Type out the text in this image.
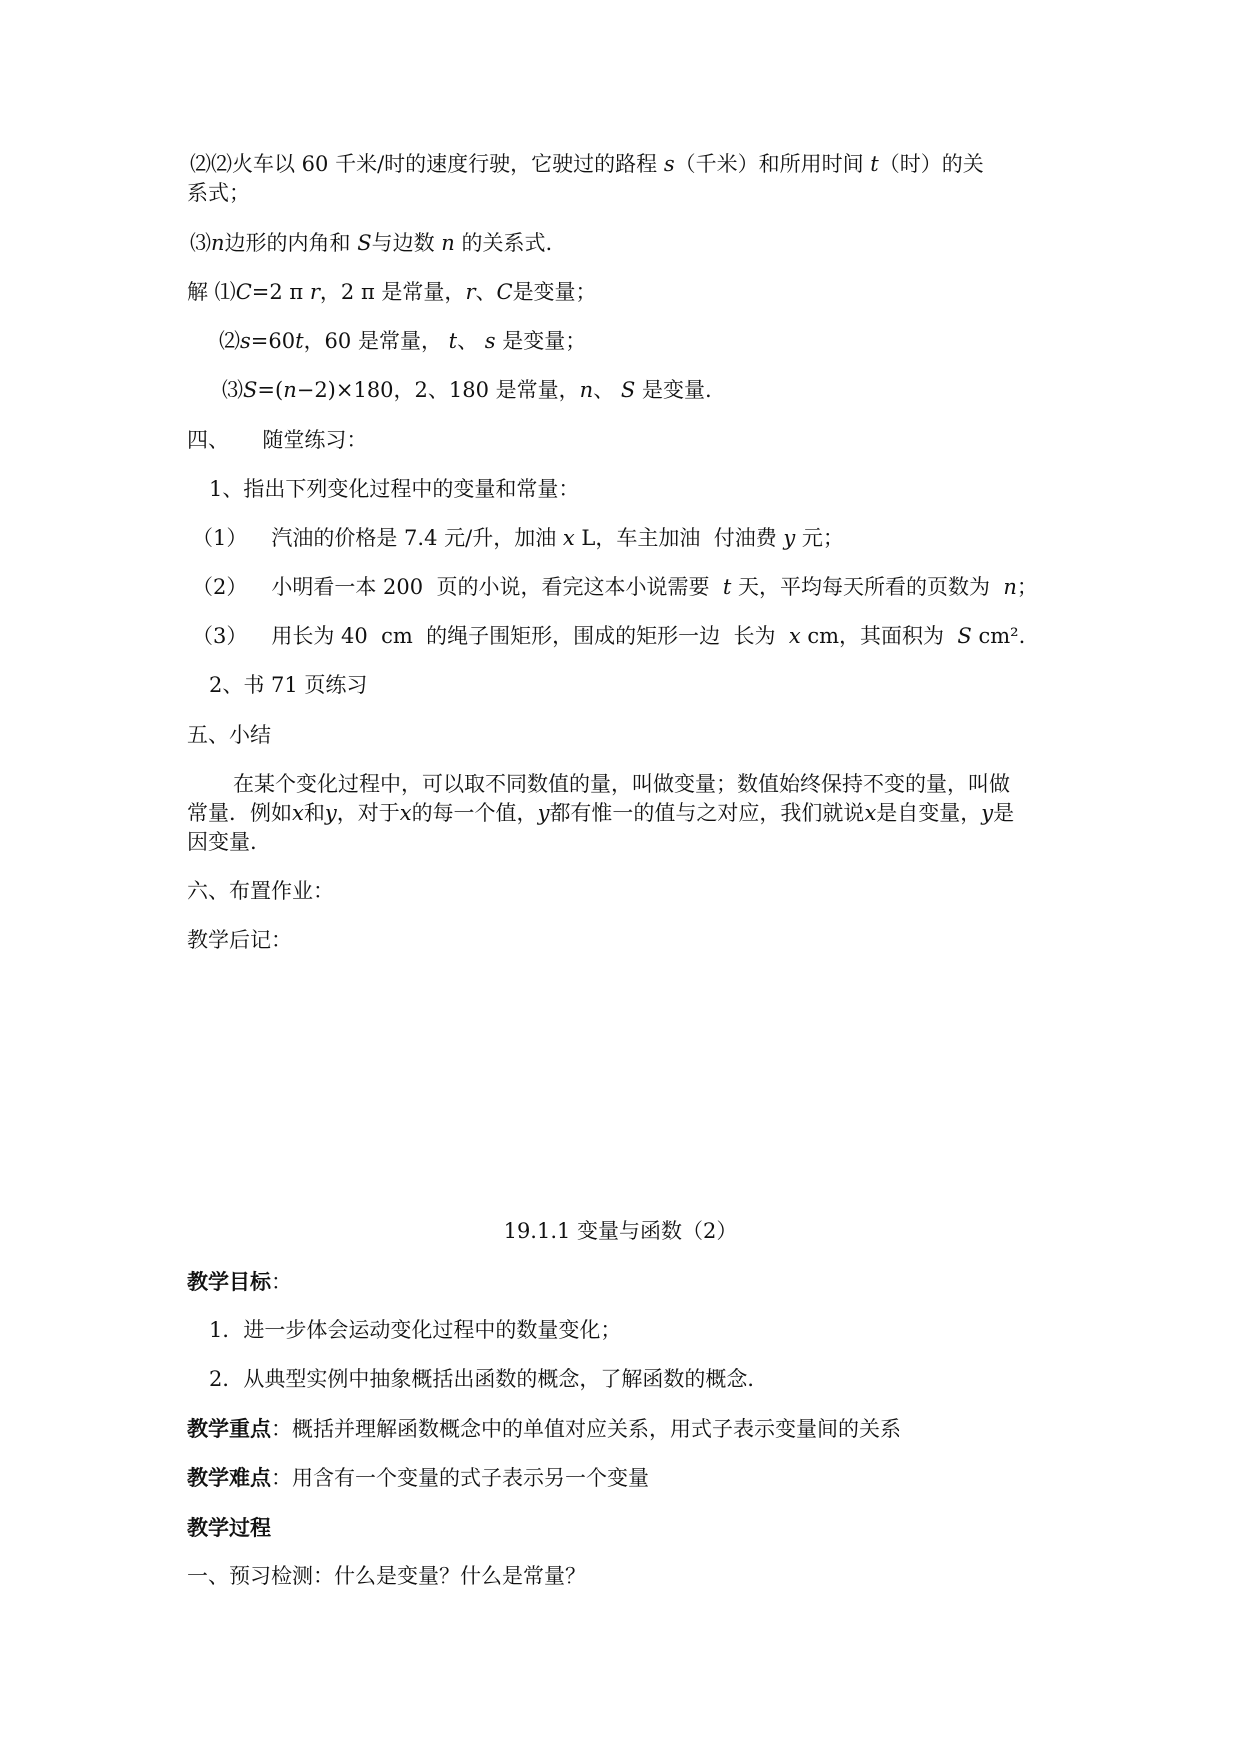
⑵⑵火车以 60 千米/时的速度行驶，它驶过的路程 s（千米）和所用时间 t（时）的关
系式；
⑶n边形的内角和 S与边数 n 的关系式.
解 ⑴C=2 π r，2 π 是常量，r、C是变量；
⑵s=60t，60 是常量， t、 s 是变量；
⑶S=(n−2)×180，2、180 是常量，n、 S 是变量.
四、     随堂练习：
1、指出下列变化过程中的变量和常量：
（1） 汽油的价格是 7.4 元/升，加油 x L，车主加油  付油费 y 元；
（2） 小明看一本 200  页的小说，看完这本小说需要  t 天，平均每天所看的页数为  n；
（3） 用长为 40  cm  的绳子围矩形，围成的矩形一边  长为  x cm，其面积为  S cm².
2、书 71 页练习
五、小结
在某个变化过程中，可以取不同数值的量，叫做变量；数值始终保持不变的量，叫做
常量．例如x和y，对于x的每一个值，y都有惟一的值与之对应，我们就说x是自变量，y是
因变量.
六、布置作业：
教学后记：
19.1.1 变量与函数（2）
教学目标：
1．进一步体会运动变化过程中的数量变化；
2．从典型实例中抽象概括出函数的概念，了解函数的概念．
教学重点：概括并理解函数概念中的单值对应关系，用式子表示变量间的关系
教学难点：用含有一个变量的式子表示另一个变量
教学过程
一、预习检测：什么是变量？什么是常量？
